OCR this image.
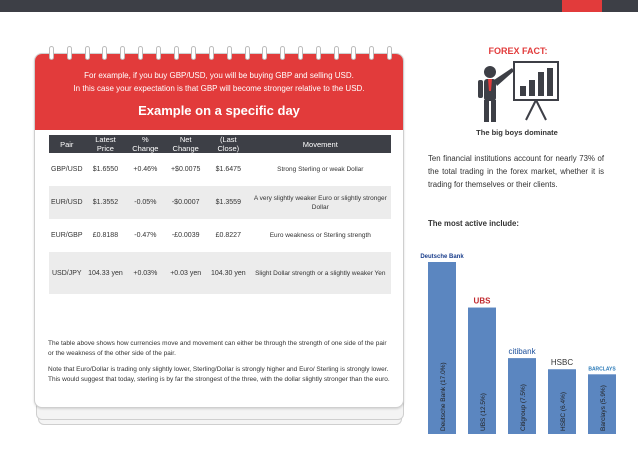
For example, if you buy GBP/USD, you will be buying GBP and selling USD.
In this case your expectation is that GBP will become stronger relative to the USD.
Example on a specific day
Pair	Latest Price	% Change	Net Change	(Last Close)	Movement
GBP/USD	$1.6550	+0.46%	+$0.0075	$1.6475	Strong Sterling or weak Dollar
EUR/USD	$1.3552	-0.05%	-$0.0007	$1.3559	A very slightly weaker Euro or slightly stronger Dollar
EUR/GBP	£0.8188	-0.47%	-£0.0039	£0.8227	Euro weakness or Sterling strength
USD/JPY	104.33 yen	+0.03%	+0.03 yen	104.30 yen	Slight Dollar strength or a slightly weaker Yen
The table above shows how currencies move and movement can either be through the strength of one side of the pair or the weakness of the other side of the pair.
Note that Euro/Dollar is trading only slightly lower, Sterling/Dollar is strongly higher and Euro/ Sterling is strongly lower. This would suggest that today, sterling is by far the strongest of the three, with the dollar slightly stronger than the euro.
FOREX FACT:
The big boys dominate
Ten financial institutions account for nearly 73% of the total trading in the forex market, whether it is trading for themselves or their clients.
The most active include:
Deutsche Bank (17.0%)
Deutsche Bank
UBS (12.5%)
UBS
Citigroup (7.5%)
citibank
HSBC (6.4%)
HSBC
Barclays (5.9%)
BARCLAYS
